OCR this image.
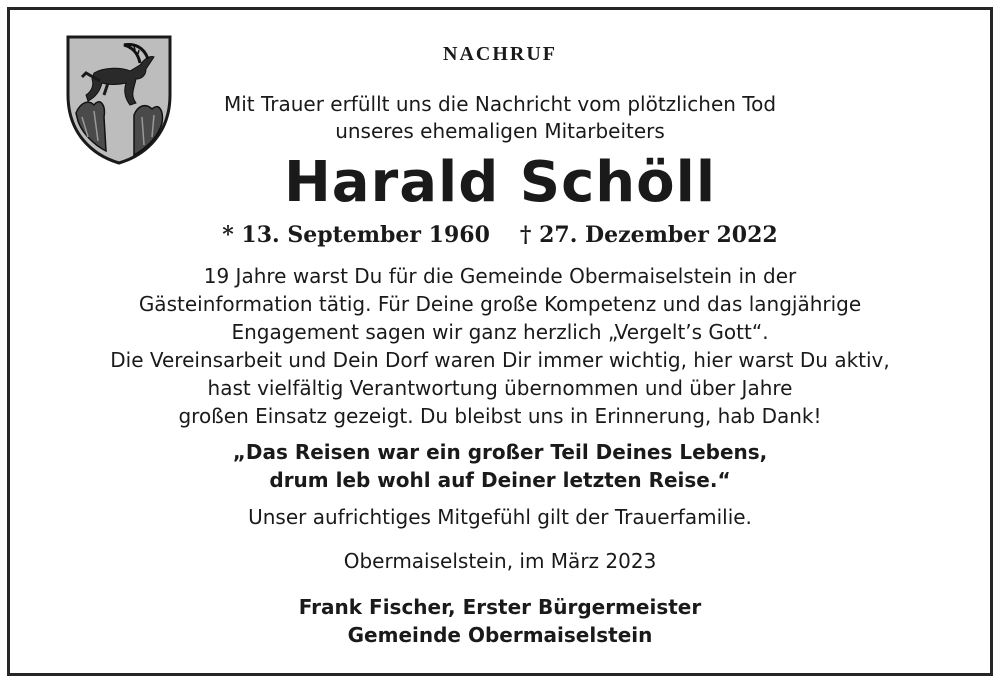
NACHRUF
Mit Trauer erfüllt uns die Nachricht vom plötzlichen Tod
unseres ehemaligen Mitarbeiters
Harald Schöll
* 13. September 1960 † 27. Dezember 2022
19 Jahre warst Du für die Gemeinde Obermaiselstein in der
Gästeinformation tätig. Für Deine große Kompetenz und das langjährige
Engagement sagen wir ganz herzlich „Vergelt’s Gott“.
Die Vereinsarbeit und Dein Dorf waren Dir immer wichtig, hier warst Du aktiv,
hast vielfältig Verantwortung übernommen und über Jahre
großen Einsatz gezeigt. Du bleibst uns in Erinnerung, hab Dank!
„Das Reisen war ein großer Teil Deines Lebens,
drum leb wohl auf Deiner letzten Reise.“
Unser aufrichtiges Mitgefühl gilt der Trauerfamilie.
Obermaiselstein, im März 2023
Frank Fischer, Erster Bürgermeister
Gemeinde Obermaiselstein
